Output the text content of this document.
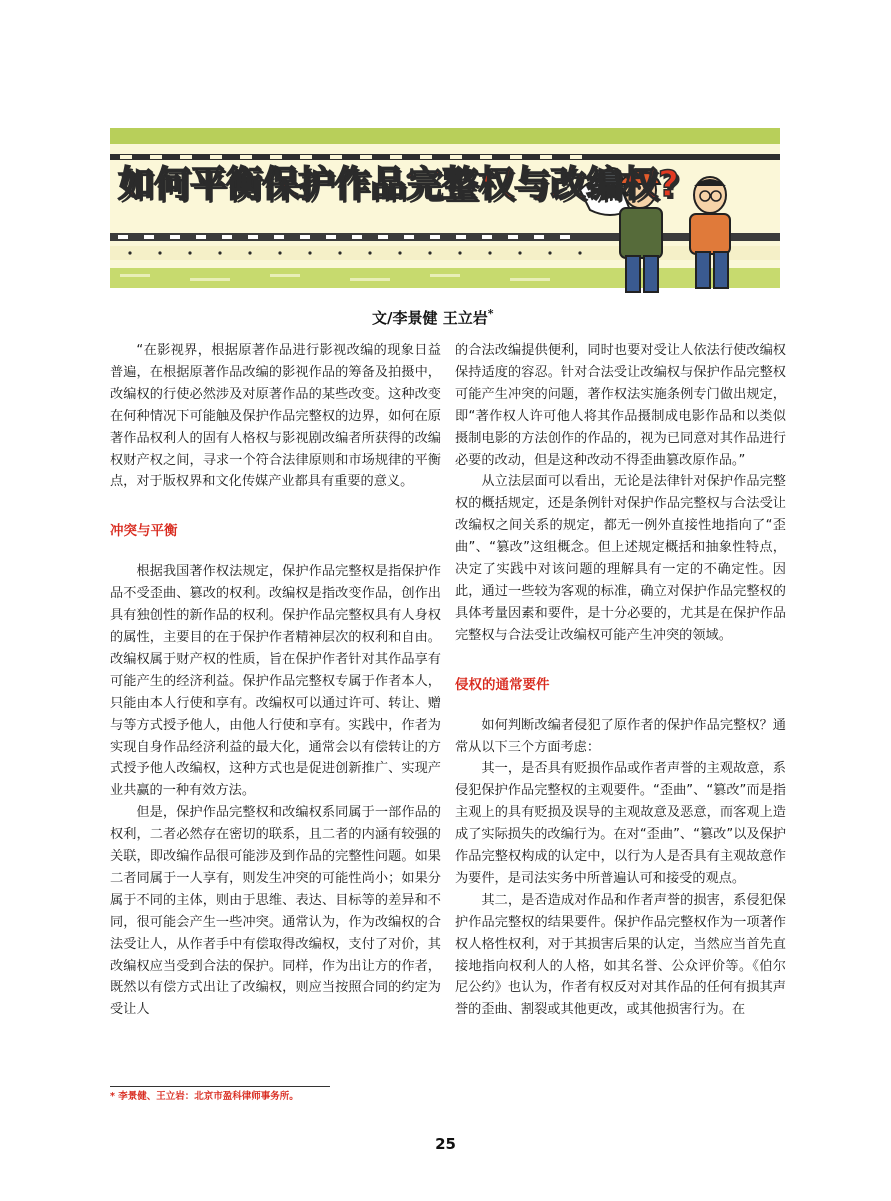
如何平衡保护作品完整权与改编权?
文/李景健 王立岩*

“在影视界，根据原著作品进行影视改编的现象日益普遍，在根据原著作品改编的影视作品的筹备及拍摄中，改编权的行使必然涉及对原著作品的某些改变。这种改变在何种情况下可能触及保护作品完整权的边界，如何在原著作品权利人的固有人格权与影视剧改编者所获得的改编权财产权之间，寻求一个符合法律原则和市场规律的平衡点，对于版权界和文化传媒产业都具有重要的意义。

冲突与平衡

根据我国著作权法规定，保护作品完整权是指保护作品不受歪曲、篡改的权利。改编权是指改变作品，创作出具有独创性的新作品的权利。保护作品完整权具有人身权的属性，主要目的在于保护作者精神层次的权利和自由。改编权属于财产权的性质，旨在保护作者针对其作品享有可能产生的经济利益。保护作品完整权专属于作者本人，只能由本人行使和享有。改编权可以通过许可、转让、赠与等方式授予他人，由他人行使和享有。实践中，作者为实现自身作品经济利益的最大化，通常会以有偿转让的方式授予他人改编权，这种方式也是促进创新推广、实现产业共赢的一种有效方法。

但是，保护作品完整权和改编权系同属于一部作品的权利，二者必然存在密切的联系，且二者的内涵有较强的关联，即改编作品很可能涉及到作品的完整性问题。如果二者同属于一人享有，则发生冲突的可能性尚小；如果分属于不同的主体，则由于思维、表达、目标等的差异和不同，很可能会产生一些冲突。通常认为，作为改编权的合法受让人，从作者手中有偿取得改编权，支付了对价，其改编权应当受到合法的保护。同样，作为出让方的作者，既然以有偿方式出让了改编权，则应当按照合同的约定为受让人

的合法改编提供便利，同时也要对受让人依法行使改编权保持适度的容忍。针对合法受让改编权与保护作品完整权可能产生冲突的问题，著作权法实施条例专门做出规定，即“著作权人许可他人将其作品摄制成电影作品和以类似摄制电影的方法创作的作品的，视为已同意对其作品进行必要的改动，但是这种改动不得歪曲篡改原作品。”

从立法层面可以看出，无论是法律针对保护作品完整权的概括规定，还是条例针对保护作品完整权与合法受让改编权之间关系的规定，都无一例外直接性地指向了“歪曲”、“篡改”这组概念。但上述规定概括和抽象性特点，决定了实践中对该问题的理解具有一定的不确定性。因此，通过一些较为客观的标准，确立对保护作品完整权的具体考量因素和要件，是十分必要的，尤其是在保护作品完整权与合法受让改编权可能产生冲突的领域。

侵权的通常要件

如何判断改编者侵犯了原作者的保护作品完整权？通常从以下三个方面考虑：

其一，是否具有贬损作品或作者声誉的主观故意，系侵犯保护作品完整权的主观要件。“歪曲”、“篡改”而是指主观上的具有贬损及误导的主观故意及恶意，而客观上造成了实际损失的改编行为。在对“歪曲”、“篡改”以及保护作品完整权构成的认定中，以行为人是否具有主观故意作为要件，是司法实务中所普遍认可和接受的观点。

其二，是否造成对作品和作者声誉的损害，系侵犯保护作品完整权的结果要件。保护作品完整权作为一项著作权人格性权利，对于其损害后果的认定，当然应当首先直接地指向权利人的人格，如其名誉、公众评价等。《伯尔尼公约》也认为，作者有权反对对其作品的任何有损其声誉的歪曲、割裂或其他更改，或其他损害行为。在

* 李景健、王立岩：北京市盈科律师事务所。
25
